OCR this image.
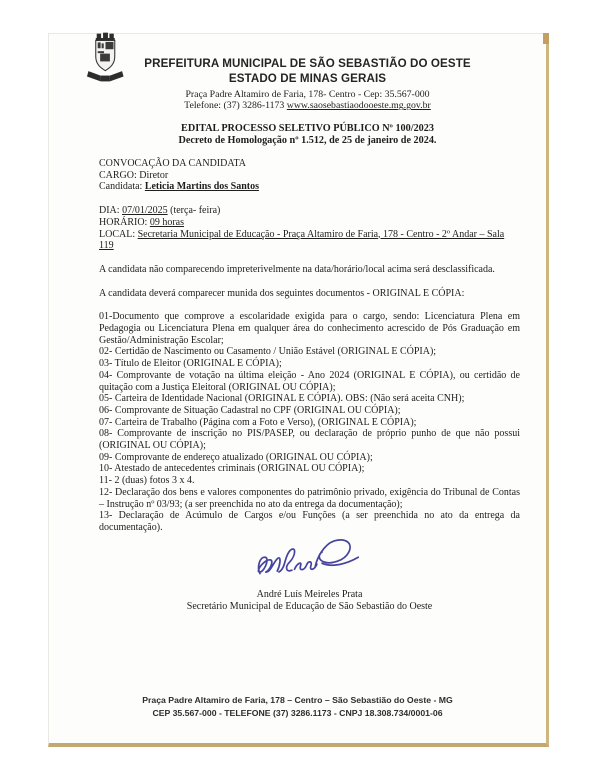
PREFEITURA MUNICIPAL DE SÃO SEBASTIÃO DO OESTE

ESTADO DE MINAS GERAIS

Praça Padre Altamiro de Faria, 178- Centro - Cep: 35.567-000

Telefone: (37) 3286-1173 www.saosebastiaodooeste.mg.gov.br

EDITAL PROCESSO SELETIVO PÚBLICO Nº 100/2023

Decreto de Homologação nº 1.512, de 25 de janeiro de 2024.

CONVOCAÇÃO DA CANDIDATA

CARGO: Diretor

Candidata: Leticia Martins dos Santos

DIA: 07/01/2025 (terça- feira)

HORÁRIO: 09 horas

LOCAL: Secretaria Municipal de Educação - Praça Altamiro de Faria, 178 - Centro - 2º Andar – Sala 119

A candidata não comparecendo impreterivelmente na data/horário/local acima será desclassificada.

A candidata deverá comparecer munida dos seguintes documentos - ORIGINAL E CÓPIA:

01-Documento que comprove a escolaridade exigida para o cargo, sendo: Licenciatura Plena em Pedagogia ou Licenciatura Plena em qualquer área do conhecimento acrescido de Pós Graduação em Gestão/Administração Escolar;

02- Certidão de Nascimento ou Casamento / União Estável (ORIGINAL E CÓPIA);

03- Título de Eleitor (ORIGINAL E CÓPIA);

04- Comprovante de votação na última eleição - Ano 2024 (ORIGINAL E CÓPIA), ou certidão de quitação com a Justiça Eleitoral (ORIGINAL OU CÓPIA);

05- Carteira de Identidade Nacional (ORIGINAL E CÓPIA). OBS: (Não será aceita CNH);

06- Comprovante de Situação Cadastral no CPF (ORIGINAL OU CÓPIA);

07- Carteira de Trabalho (Página com a Foto e Verso), (ORIGINAL E CÓPIA);

08- Comprovante de inscrição no PIS/PASEP, ou declaração de próprio punho de que não possui (ORIGINAL OU CÓPIA);

09- Comprovante de endereço atualizado (ORIGINAL OU CÓPIA);

10- Atestado de antecedentes criminais (ORIGINAL OU CÓPIA);

11- 2 (duas) fotos 3 x 4.

12- Declaração dos bens e valores componentes do patrimônio privado, exigência do Tribunal de Contas – Instrução nº 03/93; (a ser preenchida no ato da entrega da documentação);

13- Declaração de Acúmulo de Cargos e/ou Funções (a ser preenchida no ato da entrega da documentação).

André Luís Meireles Prata

Secretário Municipal de Educação de São Sebastião do Oeste

Praça Padre Altamiro de Faria, 178 – Centro – São Sebastião do Oeste - MG

CEP 35.567-000 - TELEFONE (37) 3286.1173 - CNPJ 18.308.734/0001-06
